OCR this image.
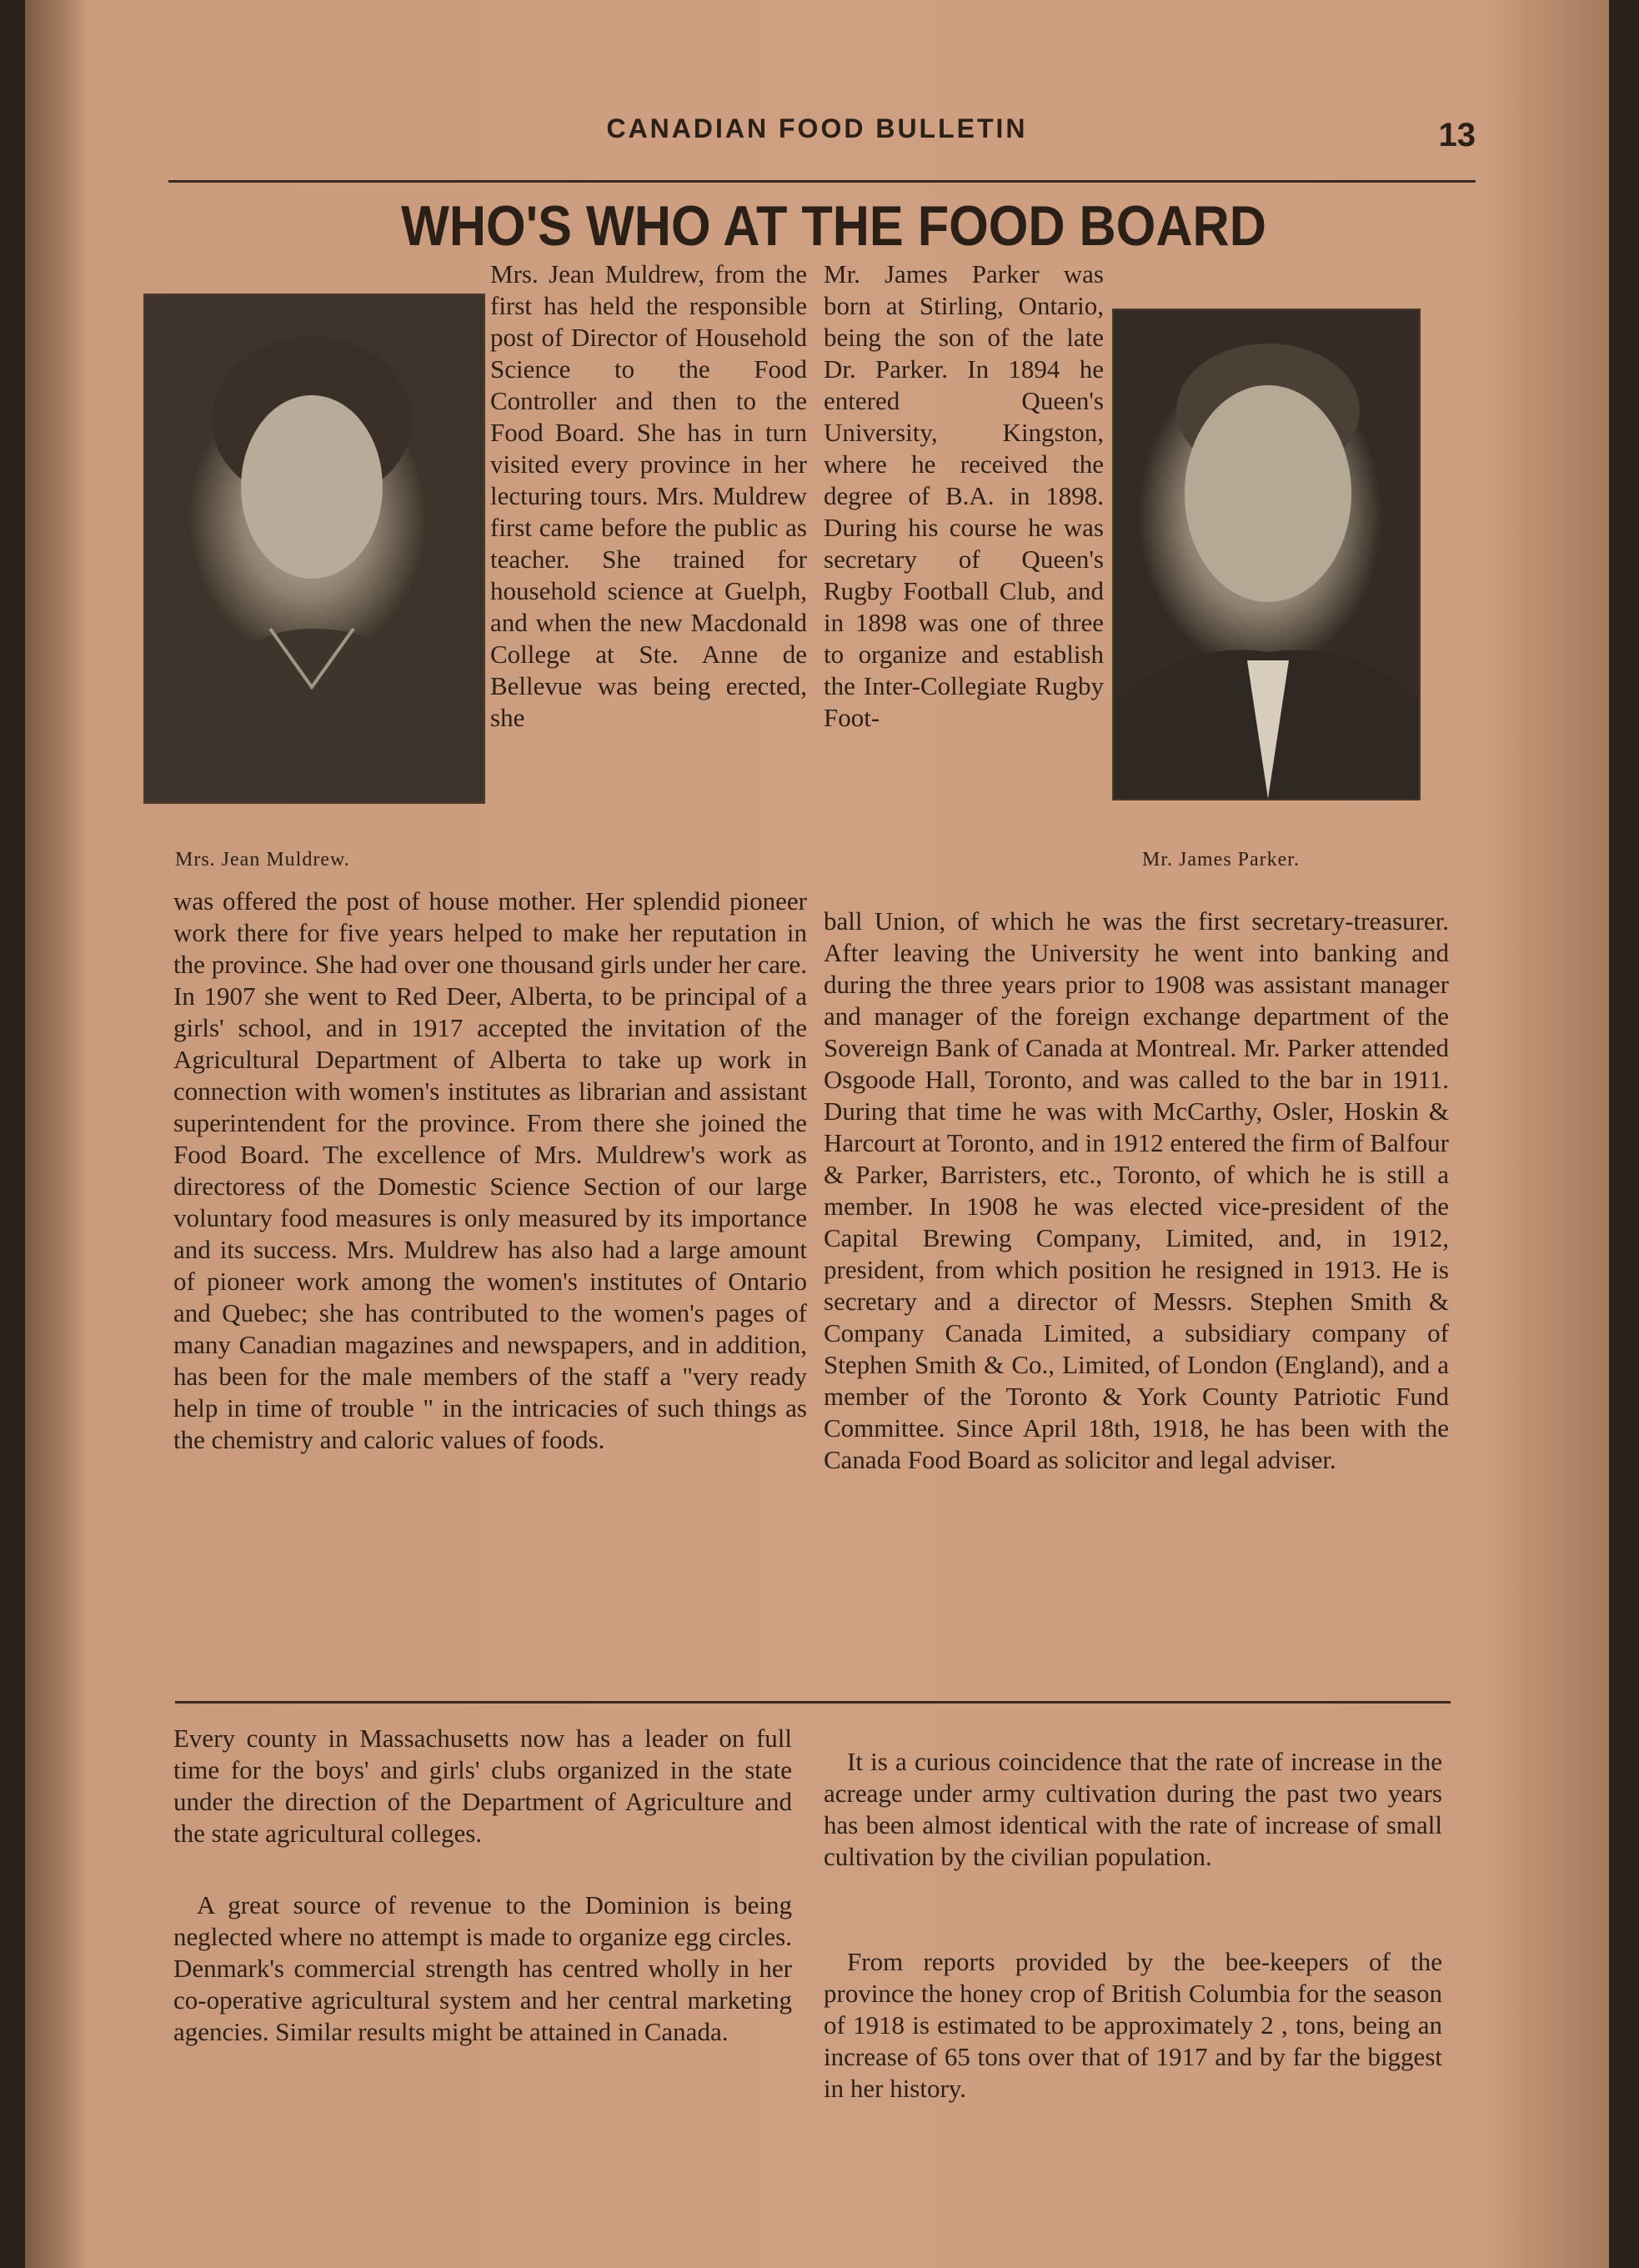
CANADIAN FOOD BULLETIN	13
WHO'S WHO AT THE FOOD BOARD
Mrs. Jean Muldrew.	Mr. James Parker.
Mrs. Jean Muldrew, from the first has held the responsible post of Director of Household Science to the Food Controller and then to the Food Board. She has in turn visited every province in her lecturing tours. Mrs. Muldrew first came before the public as teacher. She trained for household science at Guelph, and when the new Macdonald College at Ste. Anne de Bellevue was being erected, she
was offered the post of house mother. Her splendid pioneer work there for five years helped to make her reputation in the province. She had over one thousand girls under her care. In 1907 she went to Red Deer, Alberta, to be principal of a girls' school, and in 1917 accepted the invitation of the Agricultural Department of Alberta to take up work in connection with women's institutes as librarian and assistant superintendent for the province. From there she joined the Food Board. The excellence of Mrs. Muldrew's work as directoress of the Domestic Science Section of our large voluntary food measures is only measured by its importance and its success. Mrs. Muldrew has also had a large amount of pioneer work among the women's institutes of Ontario and Quebec; she has contributed to the women's pages of many Canadian magazines and newspapers, and in addition, has been for the male members of the staff a "very ready help in time of trouble " in the intricacies of such things as the chemistry and caloric values of foods.
Mr. James Parker was born at Stirling, Ontario, being the son of the late Dr. Parker. In 1894 he entered Queen's University, Kingston, where he received the degree of B.A. in 1898. During his course he was secretary of Queen's Rugby Football Club, and in 1898 was one of three to organize and establish the Inter-Collegiate Rugby Foot-
ball Union, of which he was the first secretary-treasurer. After leaving the University he went into banking and during the three years prior to 1908 was assistant manager and manager of the foreign exchange department of the Sovereign Bank of Canada at Montreal. Mr. Parker attended Osgoode Hall, Toronto, and was called to the bar in 1911. During that time he was with McCarthy, Osler, Hoskin & Harcourt at Toronto, and in 1912 entered the firm of Balfour & Parker, Barristers, etc., Toronto, of which he is still a member. In 1908 he was elected vice-president of the Capital Brewing Company, Limited, and, in 1912, president, from which position he resigned in 1913. He is secretary and a director of Messrs. Stephen Smith & Company Canada Limited, a subsidiary company of Stephen Smith & Co., Limited, of London (England), and a member of the Toronto & York County Patriotic Fund Committee. Since April 18th, 1918, he has been with the Canada Food Board as solicitor and legal adviser.
Every county in Massachusetts now has a leader on full time for the boys' and girls' clubs organized in the state under the direction of the Department of Agriculture and the state agricultural colleges.
A great source of revenue to the Dominion is being neglected where no attempt is made to organize egg circles. Denmark's commercial strength has centred wholly in her co-operative agricultural system and her central marketing agencies. Similar results might be attained in Canada.
It is a curious coincidence that the rate of increase in the acreage under army cultivation during the past two years has been almost identical with the rate of increase of small cultivation by the civilian population.
From reports provided by the bee-keepers of the province the honey crop of British Columbia for the season of 1918 is estimated to be approximately 2 , tons, being an increase of 65 tons over that of 1917 and by far the biggest in her history.
